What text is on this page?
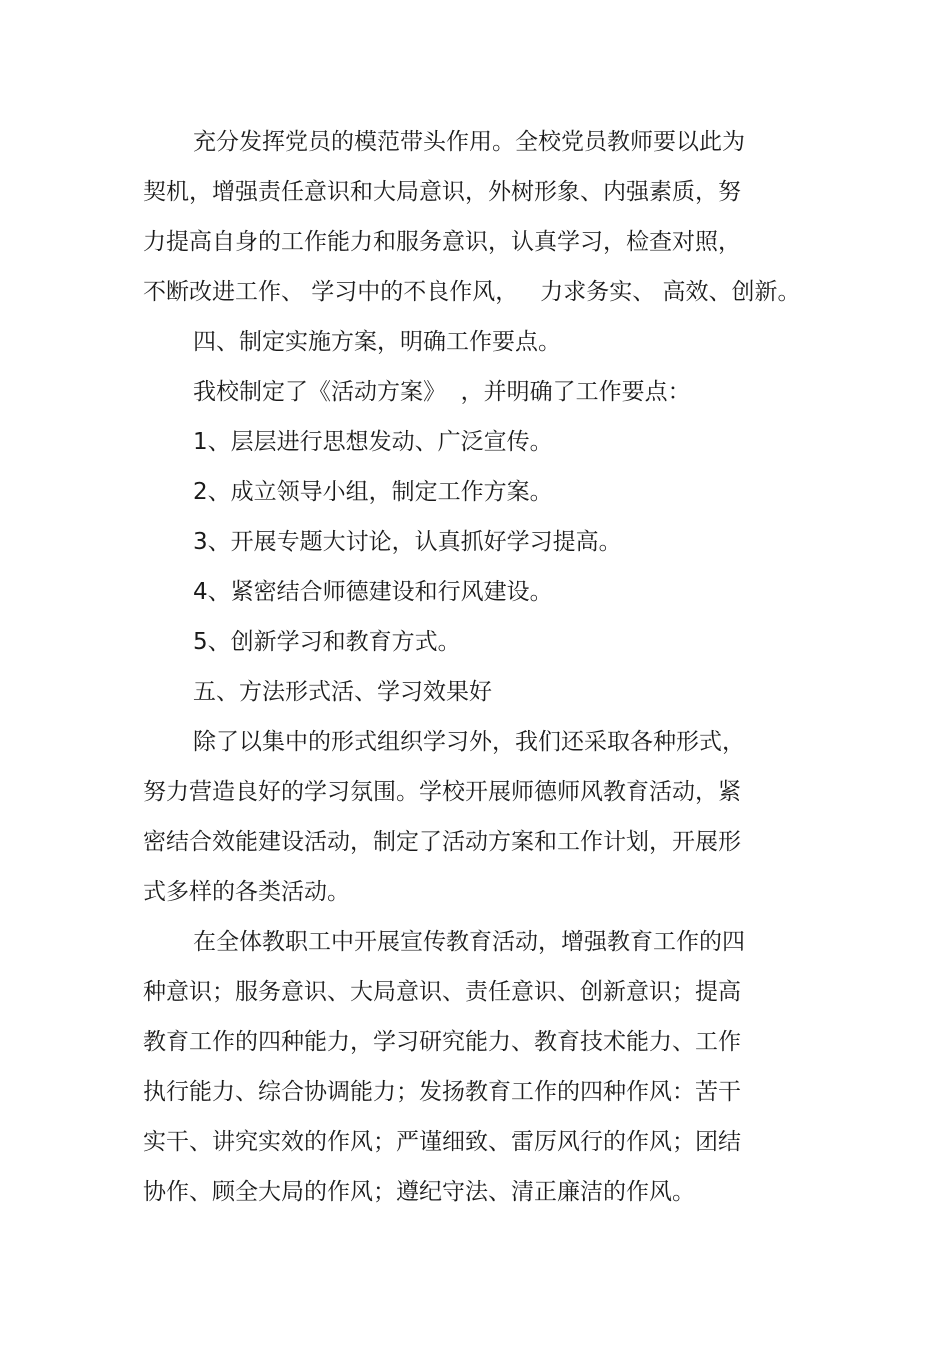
充分发挥党员的模范带头作用。全校党员教师要以此为
契机，增强责任意识和大局意识，外树形象、内强素质，努
力提高自身的工作能力和服务意识，认真学习，检查对照，
不断改进工作、 学习中的不良作风，   力求务实、 高效、创新。
四、制定实施方案，明确工作要点。
我校制定了《活动方案》  ，并明确了工作要点：
1、层层进行思想发动、广泛宣传。
2、成立领导小组，制定工作方案。
3、开展专题大讨论，认真抓好学习提高。
4、紧密结合师德建设和行风建设。
5、创新学习和教育方式。
五、方法形式活、学习效果好
除了以集中的形式组织学习外，我们还采取各种形式，
努力营造良好的学习氛围。学校开展师德师风教育活动，紧
密结合效能建设活动，制定了活动方案和工作计划，开展形
式多样的各类活动。
在全体教职工中开展宣传教育活动，增强教育工作的四
种意识；服务意识、大局意识、责任意识、创新意识；提高
教育工作的四种能力，学习研究能力、教育技术能力、工作
执行能力、综合协调能力；发扬教育工作的四种作风：苦干
实干、讲究实效的作风；严谨细致、雷厉风行的作风；团结
协作、顾全大局的作风；遵纪守法、清正廉洁的作风。
